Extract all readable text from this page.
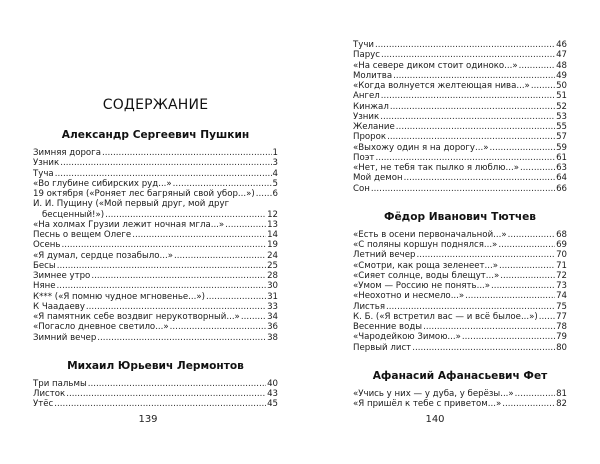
СОДЕРЖАНИЕ
Александр Сергеевич Пушкин
Зимняя дорога . . .	1
Узник . . .	3
Туча . . .	4
«Во глубине сибирских руд...» . . .	5
19 октября («Роняет лес багряный свой убор...») . . . 6
И. И. Пущину («Мой первый друг, мой друг
бесценный!») . . .	12
«На холмах Грузии лежит ночная мгла...» . . .	13
Песнь о вещем Олеге . . .	14
Осень . . .	19
«Я думал, сердце позабыло...» . . .	24
Бесы . . .	25
Зимнее утро . . .	28
Няне . . .	30
К*** («Я помню чудное мгновенье...») . . .	31
К Чаадаеву . . .	33
«Я памятник себе воздвиг нерукотворный...» . . .	34
«Погасло дневное светило...» . . .	36
Зимний вечер . . .	38
Михаил Юрьевич Лермонтов
Три пальмы . . .	40
Листок . . .	43
Утёс . . .	45
139
Тучи . . .	46
Парус . . .	47
«На севере диком стоит одиноко...» . . .	48
Молитва . . .	49
«Когда волнуется желтеющая нива...» . . .	50
Ангел . . .	51
Кинжал . . .	52
Узник . . .	53
Желание . . .	55
Пророк . . .	57
«Выхожу один я на дорогу...» . . .	59
Поэт . . .	61
«Нет, не тебя так пылко я люблю...» . . .	63
Мой демон . . .	64
Сон . . .	66
Фёдор Иванович Тютчев
«Есть в осени первоначальной...» . . .	68
«С поляны коршун поднялся...» . . .	69
Летний вечер . . .	70
«Смотри, как роща зеленеет...» . . .	71
«Сияет солнце, воды блещут...» . . .	72
«Умом — Россию не понять...» . . .	73
«Неохотно и несмело...» . . .	74
Листья . . .	75
К. Б. («Я встретил вас — и всё былое...») . . . 77
Весенние воды . . .	78
«Чародейкою Зимою...» . . .	79
Первый лист . . .	80
Афанасий Афанасьевич Фет
«Учись у них — у дуба, у берёзы...» . . .	81
«Я пришёл к тебе с приветом...» . . .	82
140
